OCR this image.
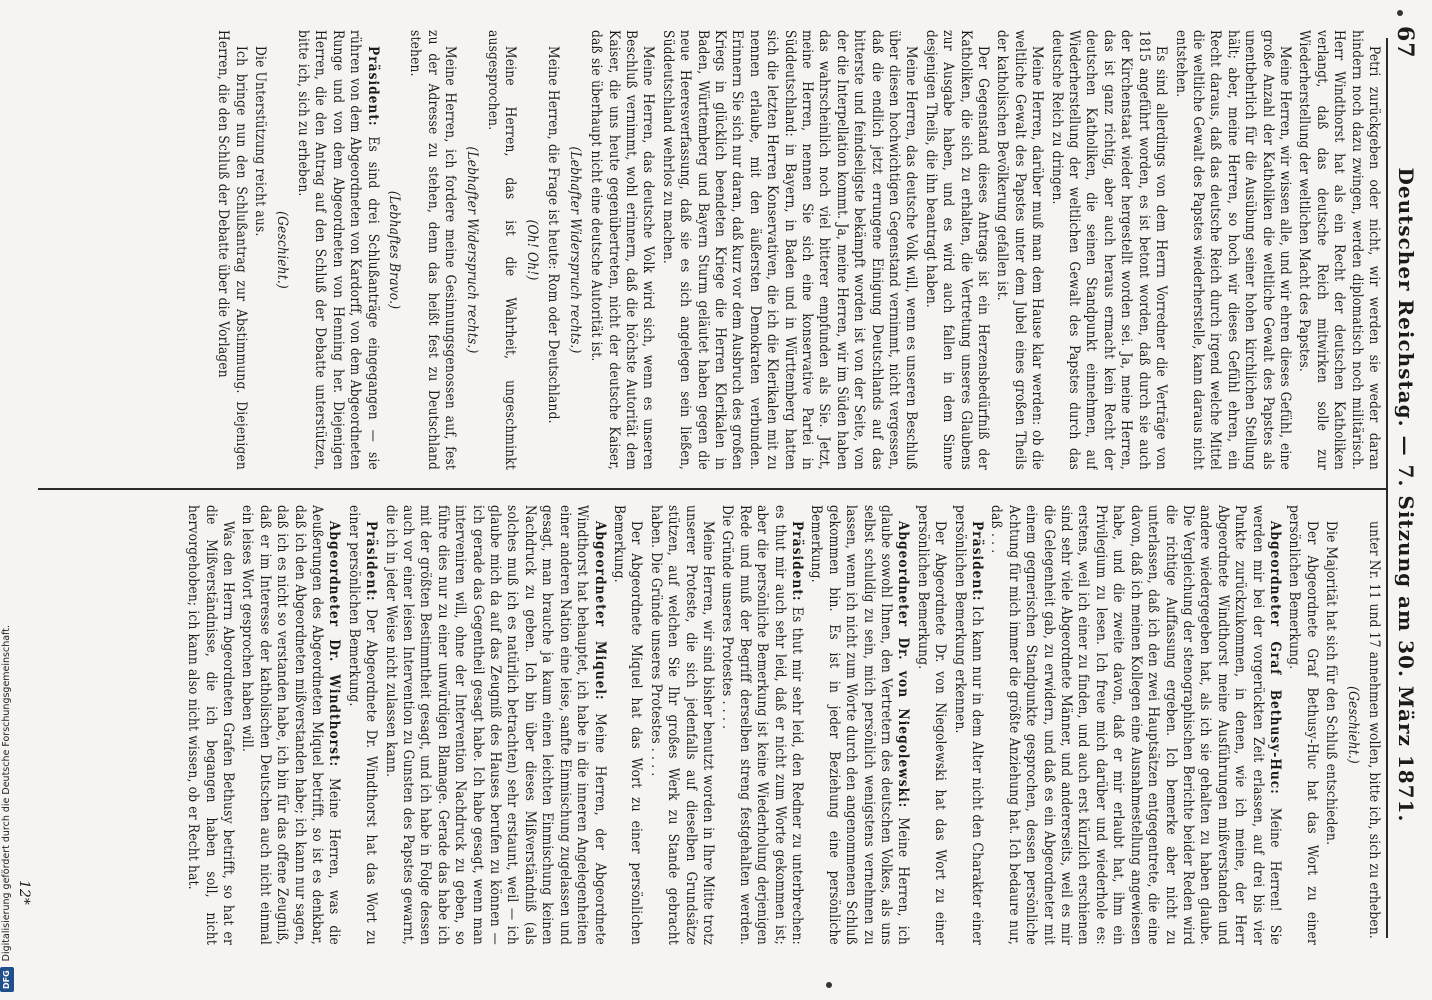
67
Deutscher Reichstag. — 7. Sitzung am 30. März 1871.

Petri zurückgeben oder nicht, wir werden sie weder daran hindern noch dazu zwingen, werden diplomatisch noch militärisch. Herr Windthorst hat als ein Recht der deutschen Katholiken verlangt, daß das deutsche Reich mitwirken solle zur Wiederherstellung der weltlichen Macht des Papstes.

Meine Herren, wir wissen alle, und wir ehren dieses Gefühl, eine große Anzahl der Katholiken die weltliche Gewalt des Papstes als unentbehrlich für die Ausübung seiner hohen kirchlichen Stellung hält; aber, meine Herren, so hoch wir dieses Gefühl ehren, ein Recht daraus, daß das deutsche Reich durch irgend welche Mittel die weltliche Gewalt des Papstes wiederherstelle, kann daraus nicht entstehen.

Es sind allerdings von dem Herrn Vorredner die Verträge von 1815 angeführt worden, es ist betont worden, daß durch sie auch der Kirchenstaat wieder hergestellt worden sei. Ja, meine Herren, das ist ganz richtig, aber auch heraus ermacht kein Recht der deutschen Katholiken, die seinen Standpunkt einnehmen, auf Wiederherstellung der weltlichen Gewalt des Papstes durch das deutsche Reich zu dringen.

Meine Herren, darüber muß man dem Hause klar werden: ob die weltliche Gewalt des Papstes unter dem Jubel eines großen Theils der katholischen Bevölkerung gefallen ist.

Der Gegenstand dieses Antrags ist ein Herzensbedürfniß der Katholiken, die sich zu erhalten, die Vertretung unseres Glaubens zur Ausgabe haben, und es wird auch fallen in dem Sinne desjenigen Theils, die ihn beantragt haben.

Meine Herren, das deutsche Volk will, wenn es unseren Beschluß über diesen hochwichtigen Gegenstand vernimmt, nicht vergessen, daß die endlich jetzt errungene Einigung Deutschlands auf das bitterste und feindseligste bekämpft worden ist von der Seite, von der die Interpellation kommt. Ja, meine Herren, wir im Süden haben das wahrscheinlich noch viel bitterer empfunden als Sie. Jetzt, meine Herren, nennen Sie sich eine konservative Partei in Süddeutschland: in Bayern, in Baden und in Württemberg hatten sich die letzten Herren Konservativen, die ich die Klerikalen mit zu nennen erlaube, mit den äußersten Demokraten verbunden. Erinnern Sie sich nur daran, daß kurz vor dem Ausbruch des großen Kriegs in glücklich beendeten Kriege die Herren Klerikalen in Baden, Württemberg und Bayern Sturm geläutet haben gegen die neue Heeresverfassung, daß sie es sich angelegen sein ließen, Süddeutschland wehrlos zu machen.

Meine Herren, das deutsche Volk wird sich, wenn es unseren Beschluß vernimmt, wohl erinnern, daß die höchste Autorität dem Kaiser, die uns heute gegenübertreten, nicht der deutsche Kaiser, daß sie überhaupt nicht eine deutsche Autorität ist.

(Lebhafter Widerspruch rechts.)

Meine Herren, die Frage ist heute: Rom oder Deutschland.

(Oh! Oh!)

Meine Herren, das ist die Wahrheit, ungeschminkt ausgesprochen.

(Lebhafter Widerspruch rechts.)

Meine Herren, ich fordere meine Gesinnungsgenossen auf, fest zu der Adresse zu stehen, denn das heißt fest zu Deutschland stehen.

(Lebhaftes Bravo.)

Präsident: Es sind drei Schlußanträge eingegangen — sie rühren von dem Abgeordneten von Kardorff, von dem Abgeordneten Runge und von dem Abgeordneten von Henning her. Diejenigen Herren, die den Antrag auf den Schluß der Debatte unterstützen, bitte ich, sich zu erheben.

(Geschieht.)

Die Unterstützung reicht aus.

Ich bringe nun den Schlußantrag zur Abstimmung. Diejenigen Herren, die den Schluß der Debatte über die Vorlagen

unter Nr. 11 und 17 annehmen wollen, bitte ich, sich zu erheben.

(Geschieht.)

Die Majorität hat sich für den Schluß entschieden.

Der Abgeordnete Graf Bethusy-Huc hat das Wort zu einer persönlichen Bemerkung.

Abgeordneter Graf Bethusy-Huc: Meine Herren! Sie werden mir bei der vorgerückten Zeit erlassen, auf drei bis vier Punkte zurückzukommen, in denen, wie ich meine, der Herr Abgeordnete Windthorst meine Ausführungen mißverstanden und andere wiedergegeben hat, als ich sie gehalten zu haben glaube. Die Vergleichung der stenographischen Berichte beider Reden wird die richtige Auffassung ergeben. Ich bemerke aber nicht zu unterlassen, daß ich den zwei Hauptsätzen entgegentrete, die eine davon, daß ich meinen Kollegen eine Ausnahmestellung angewiesen habe, und die zweite davon, daß er mir erlaubt hat, ihm ein Privilegium zu lesen. Ich freue mich darüber und wiederhole es: erstens, weil ich einer zu finden, und auch erst kürzlich erschienen sind sehr viele Abgeordnete Männer, und andererseits, weil es mir die Gelegenheit gab, zu erwidern, und daß es ein Abgeordneter mit einem gegnerischen Standpunkte gesprochen, dessen persönliche Achtung für mich immer die größte Anziehung hat. Ich bedaure nur, daß . . .

Präsident: Ich kann nur in dem Alter nicht den Charakter einer persönlichen Bemerkung erkennen.

Der Abgeordnete Dr. von Niegolewski hat das Wort zu einer persönlichen Bemerkung.

Abgeordneter Dr. von Niegolewski: Meine Herren, ich glaube sowohl Ihnen, den Vertretern des deutschen Volkes, als uns selbst schuldig zu sein, mich persönlich wenigstens vernehmen zu lassen, wenn ich nicht zum Worte durch den angenommenen Schluß gekommen bin. Es ist in jeder Beziehung eine persönliche Bemerkung.

Präsident: Es thut mir sehr leid, den Redner zu unterbrechen: es thut mir auch sehr leid, daß er nicht zum Worte gekommen ist; aber die persönliche Bemerkung ist keine Wiederholung derjenigen Rede und muß der Begriff derselben streng festgehalten werden. Die Gründe unseres Protestes . . . .

Meine Herren, wir sind bisher benutzt worden in Ihre Mitte trotz unserer Proteste, die sich jedenfalls auf dieselben Grundsätze stützen, auf welchen Sie Ihr großes Werk zu Stande gebracht haben. Die Gründe unseres Protestes . . . .

Der Abgeordnete Miquel hat das Wort zu einer persönlichen Bemerkung.

Abgeordneter Miquel: Meine Herren, der Abgeordnete Windthorst hat behauptet, ich habe in die inneren Angelegenheiten einer anderen Nation eine leise, sanfte Einmischung zugelassen und gesagt, man brauche ja kaum einen leichten Einmischung keinen Nachdruck zu geben. Ich bin über dieses Mißverständniß (als solches muß ich es natürlich betrachten) sehr erstaunt, weil — ich glaube mich da auf das Zeugniß des Hauses berufen zu können — ich gerade das Gegentheil gesagt habe. Ich habe gesagt, wenn man interveniren will, ohne der Intervention Nachdruck zu geben, so führe dies nur zu einer unwürdigen Blamage. Gerade das habe ich mit der größten Bestimmtheit gesagt, und ich habe in Folge dessen auch vor einer leisen Intervention zu Gunsten des Papstes gewarnt, die ich in jeder Weise nicht zulassen kann.

Präsident: Der Abgeordnete Dr. Windthorst hat das Wort zu einer persönlichen Bemerkung.

Abgeordneter Dr. Windthorst: Meine Herren, was die Aeußerungen des Abgeordneten Miquel betrifft, so ist es denkbar, daß ich den Abgeordneten mißverstanden habe; ich kann nur sagen, daß ich es nicht so verstanden habe, ich bin für das offene Zeugniß, daß er im Interesse der katholischen Deutschen auch nicht einmal ein leises Wort gesprochen haben will.

Was den Herrn Abgeordneten Grafen Bethusy betrifft, so hat er die Mißverständnisse, die ich begangen haben soll, nicht hervorgehoben; ich kann also nicht wissen, ob er Recht hat.

12*
DFGDigitalisierung gefördert durch die Deutsche Forschungsgemeinschaft.
